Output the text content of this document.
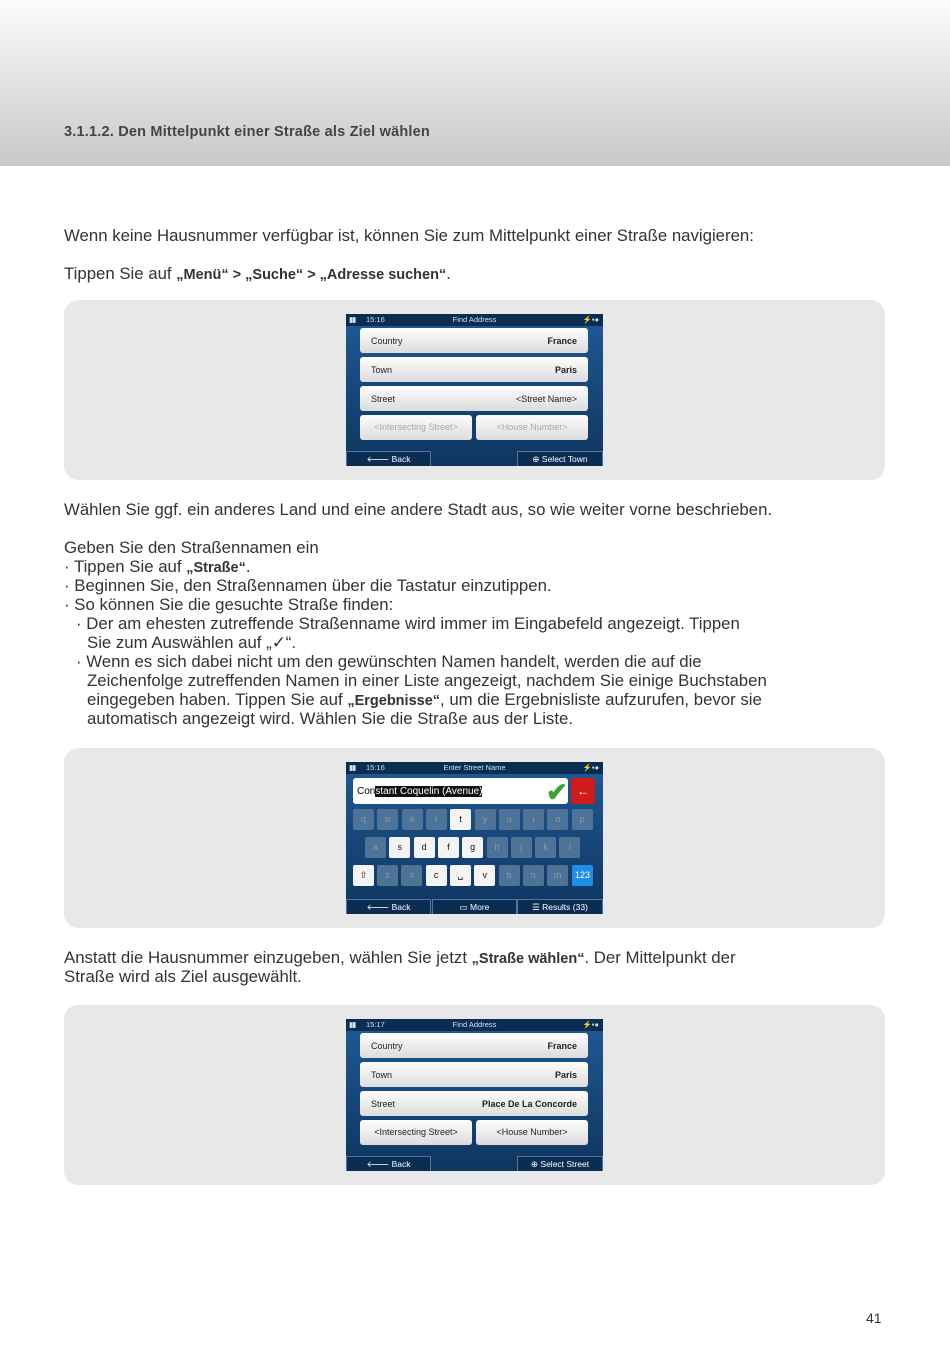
3.1.1.2. Den Mittelpunkt einer Straße als Ziel wählen
Wenn keine Hausnummer verfügbar ist, können Sie zum Mittelpunkt einer Straße navigieren:
Tippen Sie auf „Menü“ > „Suche“ > „Adresse suchen“.
▮▮ 15:16	Find Address	⚡▪●
Country	France
Town	Paris
Street	<Street Name>
<Intersecting Street>	<House Number>
🡐 Back	⊕ Select Town
Wählen Sie ggf. ein anderes Land und eine andere Stadt aus, so wie weiter vorne beschrieben.
Geben Sie den Straßennamen ein
· Tippen Sie auf „Straße“.
· Beginnen Sie, den Straßennamen über die Tastatur einzutippen.
· So können Sie die gesuchte Straße finden:
· Der am ehesten zutreffende Straßenname wird immer im Eingabefeld angezeigt. Tippen
Sie zum Auswählen auf „✓“.
· Wenn es sich dabei nicht um den gewünschten Namen handelt, werden die auf die
Zeichenfolge zutreffenden Namen in einer Liste angezeigt, nachdem Sie einige Buchstaben
eingegeben haben. Tippen Sie auf „Ergebnisse“, um die Ergebnisliste aufzurufen, bevor sie
automatisch angezeigt wird. Wählen Sie die Straße aus der Liste.
▮▮ 15:16	Enter Street Name	⚡▪●
Constant Coquelin (Avenue) ✔ ←
q	w	e	r	t	y	u	i	o	p
a	s	d	f	g	h	j	k	l
z	x	c	␣	v	b	n	m
⇧	123
🡐 Back	▭ More	☰ Results (33)
Anstatt die Hausnummer einzugeben, wählen Sie jetzt „Straße wählen“. Der Mittelpunkt der
Straße wird als Ziel ausgewählt.
▮▮ 15:17	Find Address	⚡▪●
Country	France
Town	Paris
Street	Place De La Concorde
<Intersecting Street>	<House Number>
🡐 Back	⊕ Select Street
41
